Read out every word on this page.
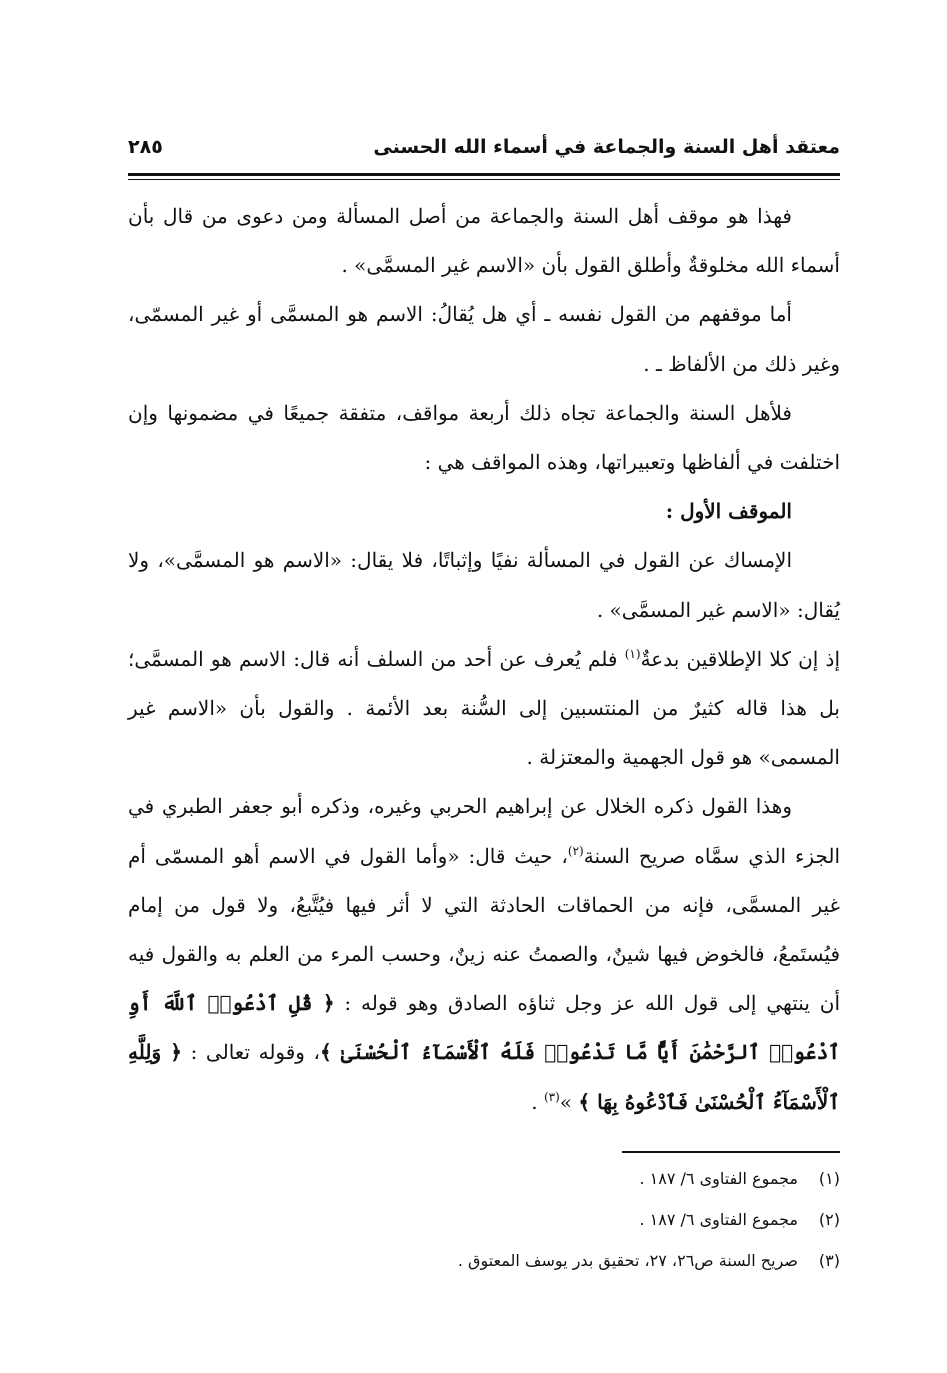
معتقد أهل السنة والجماعة في أسماء الله الحسنى
٢٨٥

فهذا هو موقف أهل السنة والجماعة من أصل المسألة ومن دعوى من قال بأن أسماء الله مخلوقةٌ وأطلق القول بأن «الاسم غير المسمَّى» .

أما موقفهم من القول نفسه ـ أي هل يُقالُ: الاسم هو المسمَّى أو غير المسمّى، وغير ذلك من الألفاظ ـ .

فلأهل السنة والجماعة تجاه ذلك أربعة مواقف، متفقة جميعًا في مضمونها وإن اختلفت في ألفاظها وتعبيراتها، وهذه المواقف هي :

الموقف الأول :

الإمساك عن القول في المسألة نفيًا وإثباتًا، فلا يقال: «الاسم هو المسمَّى»، ولا يُقال: «الاسم غير المسمَّى» .

إذ إن كلا الإطلاقين بدعةٌ$^{(١)}$ فلم يُعرف عن أحد من السلف أنه قال: الاسم هو المسمَّى؛ بل هذا قاله كثيرٌ من المنتسبين إلى السُّنة بعد الأئمة . والقول بأن «الاسم غير المسمى» هو قول الجهمية والمعتزلة .

وهذا القول ذكره الخلال عن إبراهيم الحربي وغيره، وذكره أبو جعفر الطبري في الجزء الذي سمَّاه صريح السنة$^{(٢)}$، حيث قال: «وأما القول في الاسم أهو المسمّى أم غير المسمَّى، فإنه من الحماقات الحادثة التي لا أثر فيها فيُتَّبعُ، ولا قول من إمام فيُستَمعُ، فالخوض فيها شينٌ، والصمتُ عنه زينٌ، وحسب المرء من العلم به والقول فيه أن ينتهي إلى قول الله عز وجل ثناؤه الصادق وهو قوله : ﴿ قُلِ ٱدْعُوا۟ ٱللَّهَ أَوِ ٱدْعُوا۟ ٱلرَّحْمَٰنَ أَيًّا مَّا تَدْعُوا۟ فَلَهُ ٱلْأَسْمَآءُ ٱلْحُسْنَىٰ ﴾، وقوله تعالى : ﴿ وَلِلَّهِ ٱلْأَسْمَآءُ ٱلْحُسْنَىٰ فَٱدْعُوهُ بِهَا ﴾ »$^{(٣)}$ .

(١)مجموع الفتاوى ٦/ ١٨٧ .
(٢)مجموع الفتاوى ٦/ ١٨٧ .
(٣)صريح السنة ص٢٦، ٢٧، تحقيق بدر يوسف المعتوق .
